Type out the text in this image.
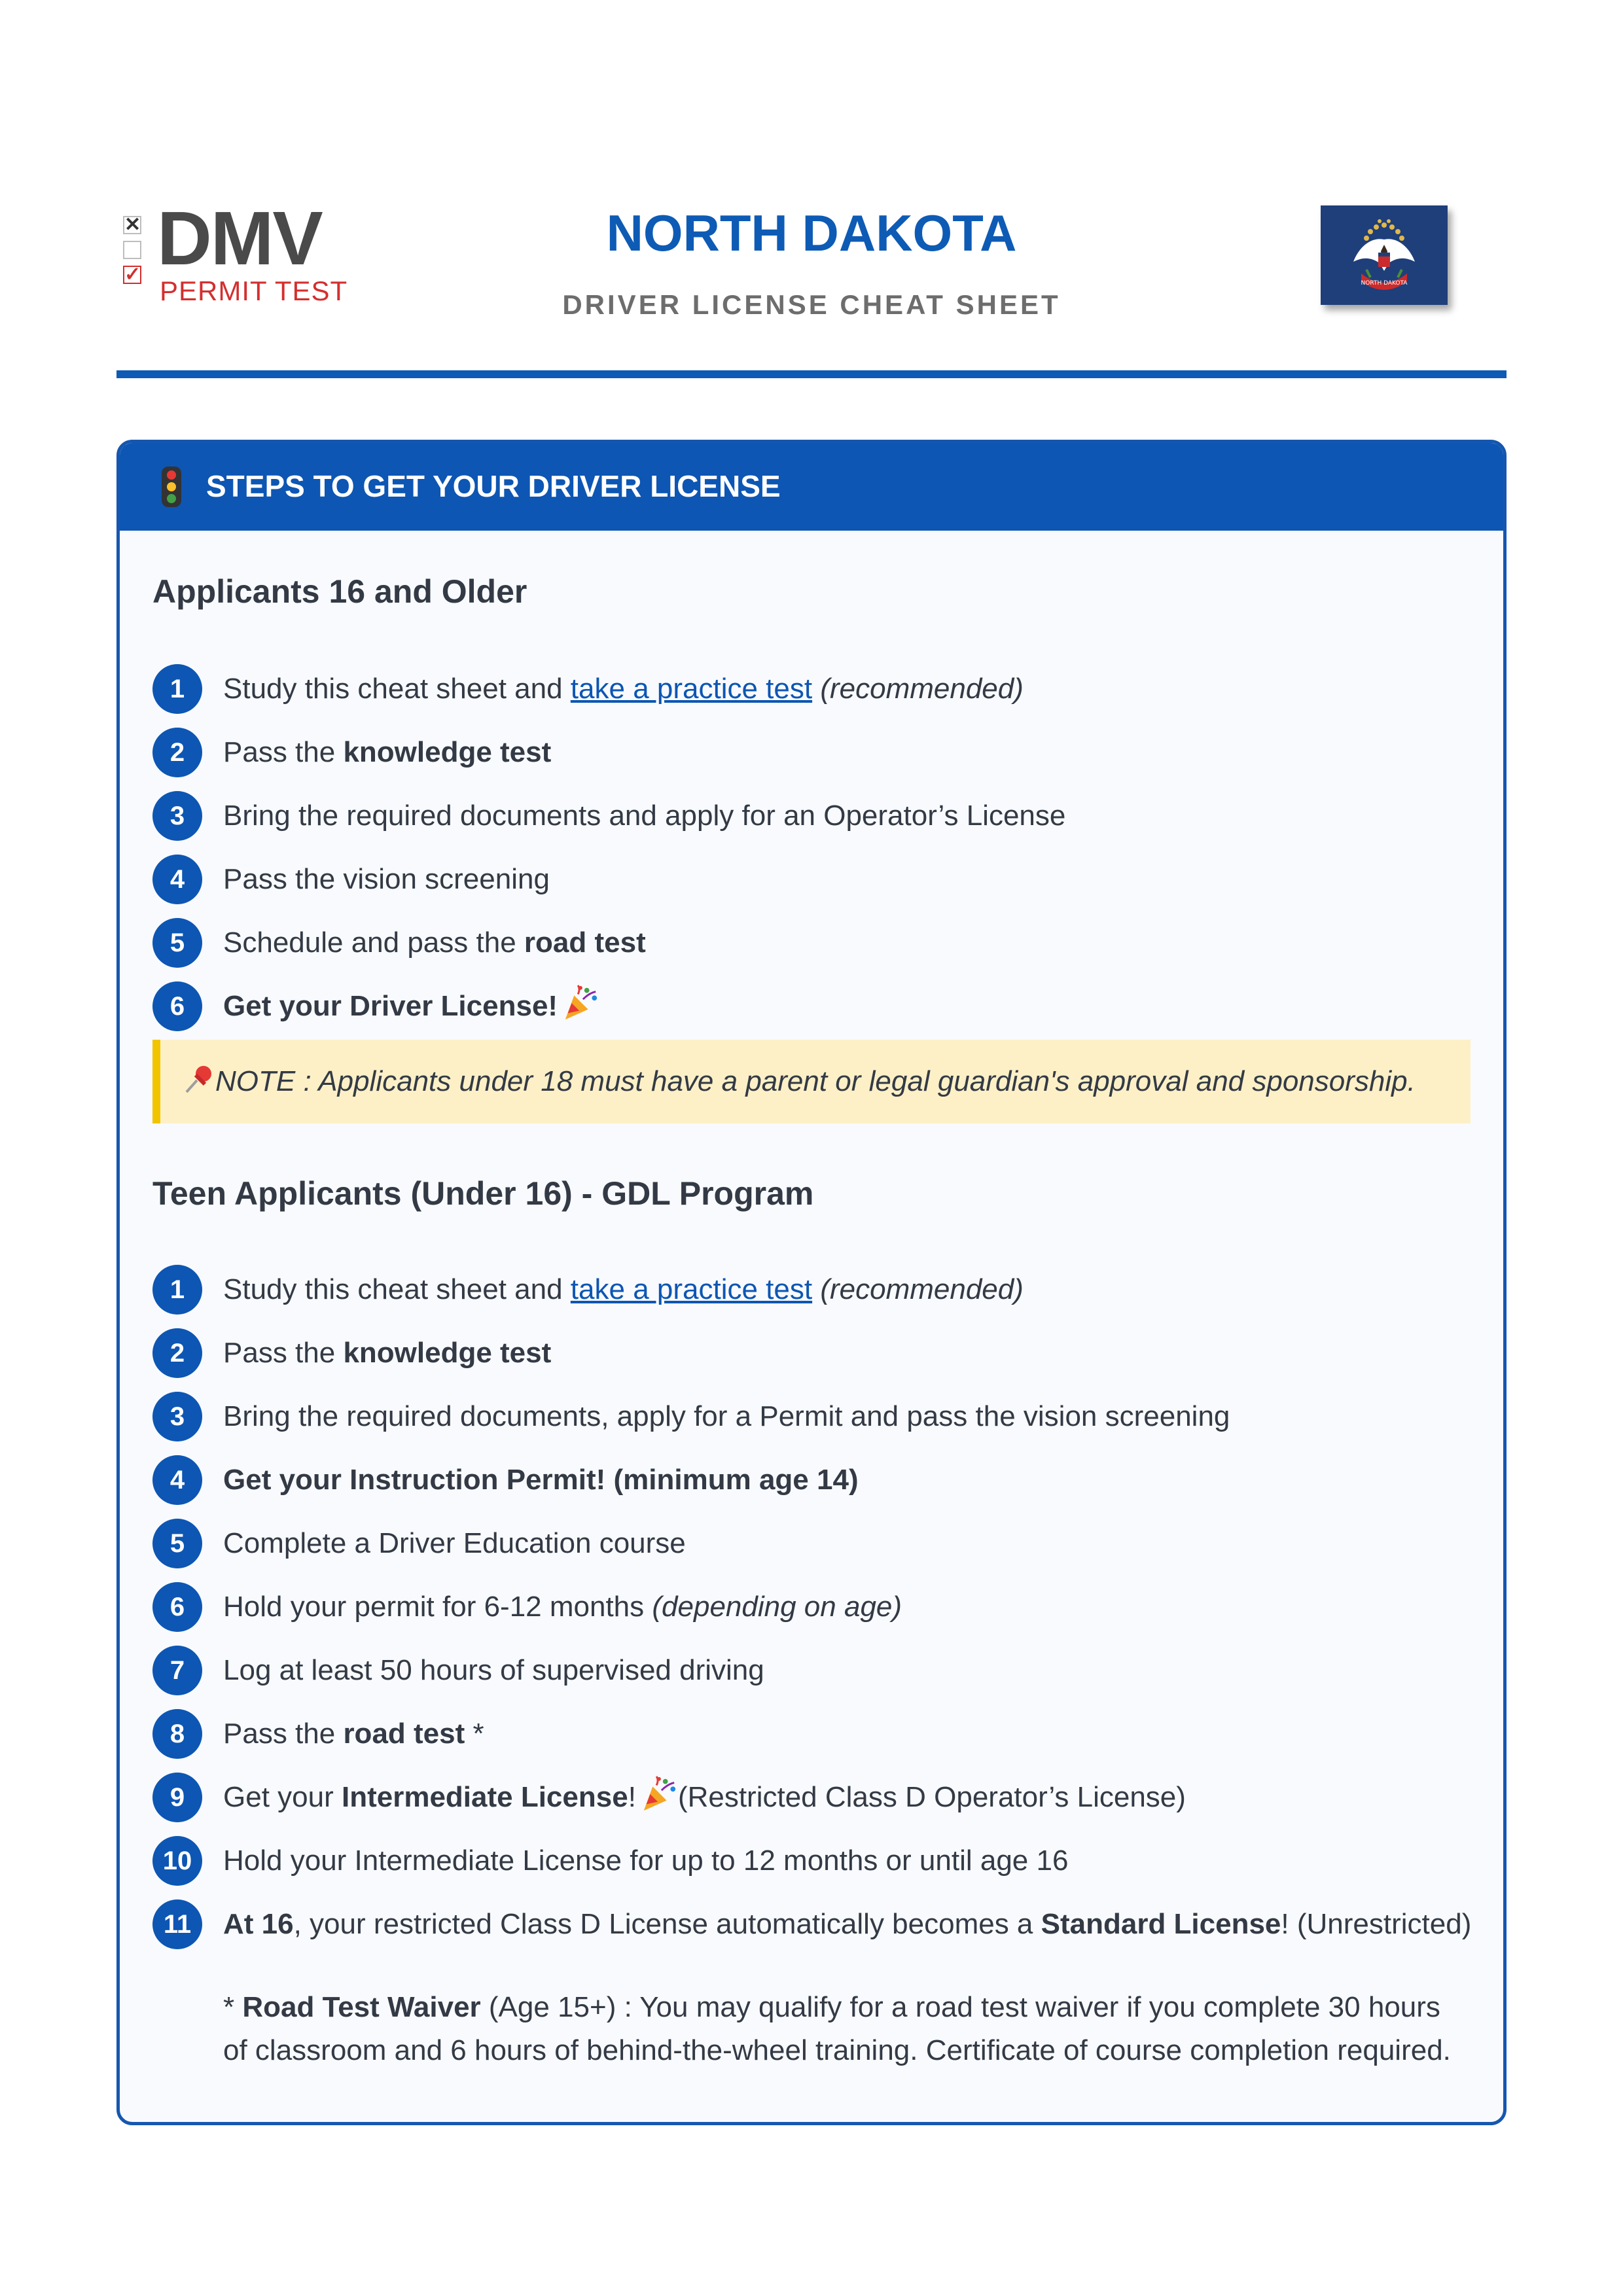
✕
✓ DMV
PERMIT TEST
NORTH DAKOTA
DRIVER LICENSE CHEAT SHEET
NORTH DAKOTA
STEPS TO GET YOUR DRIVER LICENSE
Applicants 16 and Older
1	Study this cheat sheet and take a practice test (recommended)
2	Pass the knowledge test
3	Bring the required documents and apply for an Operator’s License
4	Pass the vision screening
5	Schedule and pass the road test
6	Get your Driver License!
NOTE : Applicants under 18 must have a parent or legal guardian's approval and sponsorship.
Teen Applicants (Under 16) - GDL Program
1	Study this cheat sheet and take a practice test (recommended)
2	Pass the knowledge test
3	Bring the required documents, apply for a Permit and pass the vision screening
4	Get your Instruction Permit! (minimum age 14)
5	Complete a Driver Education course
6	Hold your permit for 6-12 months (depending on age)
7	Log at least 50 hours of supervised driving
8	Pass the road test *
9	Get your Intermediate License! (Restricted Class D Operator’s License)
10	Hold your Intermediate License for up to 12 months or until age 16
11	At 16, your restricted Class D License automatically becomes a Standard License! (Unrestricted)
* Road Test Waiver (Age 15+) : You may qualify for a road test waiver if you complete 30 hours of classroom and 6 hours of behind-the-wheel training. Certificate of course completion required.
